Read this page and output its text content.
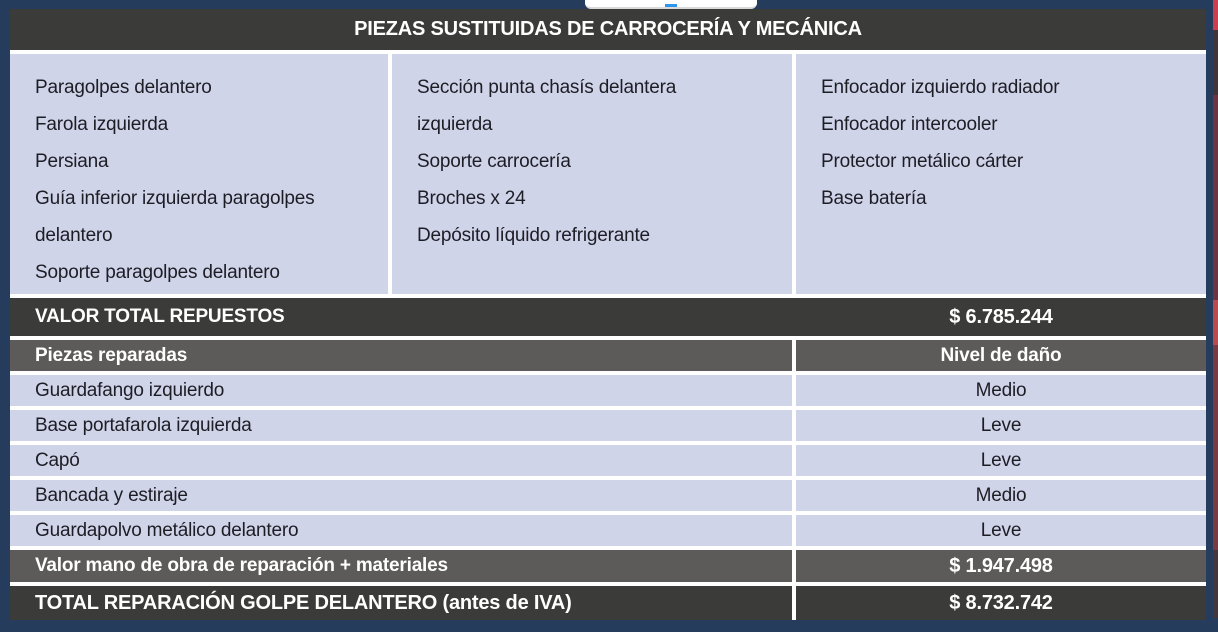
PIEZAS SUSTITUIDAS DE CARROCERÍA Y MECÁNICA
Paragolpes delantero
Farola izquierda
Persiana
Guía inferior izquierda paragolpes delantero
Soporte paragolpes delantero
Sección punta chasís delantera izquierda
Soporte carrocería
Broches x 24
Depósito líquido refrigerante
Enfocador izquierdo radiador
Enfocador intercooler
Protector metálico cárter
Base batería
VALOR TOTAL REPUESTOS	$ 6.785.244
Piezas reparadas	Nivel de daño
Guardafango izquierdo	Medio
Base portafarola izquierda	Leve
Capó	Leve
Bancada y estiraje	Medio
Guardapolvo metálico delantero	Leve
Valor mano de obra de reparación + materiales	$ 1.947.498
TOTAL REPARACIÓN GOLPE DELANTERO (antes de IVA)	$ 8.732.742
